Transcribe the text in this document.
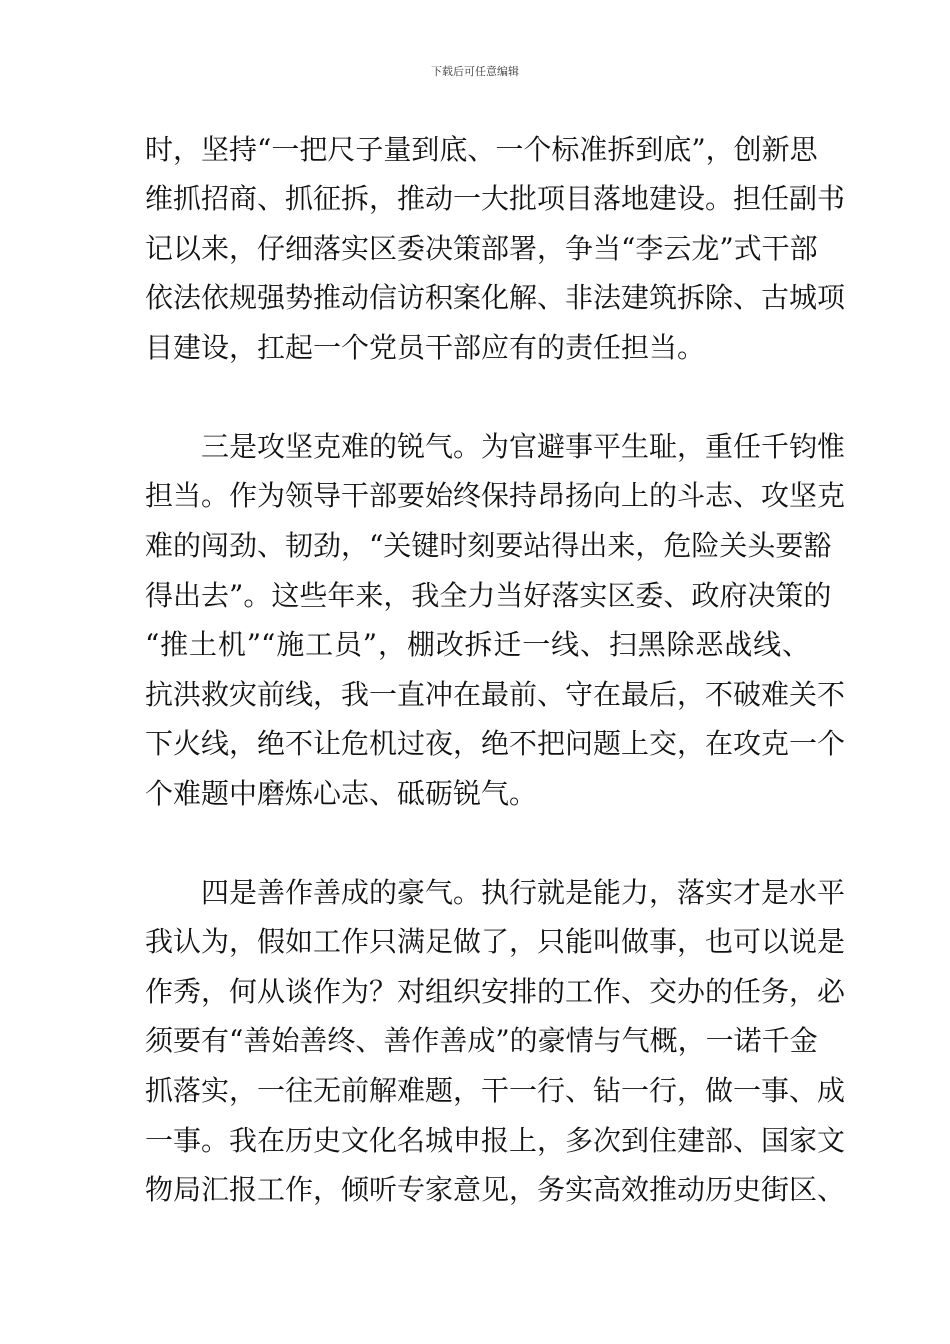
下载后可任意编辑
时，坚持“一把尺子量到底、一个标准拆到底”，创新思
维抓招商、抓征拆，推动一大批项目落地建设。担任副书
记以来，仔细落实区委决策部署，争当“李云龙”式干部
依法依规强势推动信访积案化解、非法建筑拆除、古城项
目建设，扛起一个党员干部应有的责任担当。
三是攻坚克难的锐气。为官避事平生耻，重任千钧惟
担当。作为领导干部要始终保持昂扬向上的斗志、攻坚克
难的闯劲、韧劲，“关键时刻要站得出来，危险关头要豁
得出去”。这些年来，我全力当好落实区委、政府决策的
“推土机”“施工员”，棚改拆迁一线、扫黑除恶战线、
抗洪救灾前线，我一直冲在最前、守在最后，不破难关不
下火线，绝不让危机过夜，绝不把问题上交，在攻克一个
个难题中磨炼心志、砥砺锐气。
四是善作善成的豪气。执行就是能力，落实才是水平
我认为，假如工作只满足做了，只能叫做事，也可以说是
作秀，何从谈作为？对组织安排的工作、交办的任务，必
须要有“善始善终、善作善成”的豪情与气概，一诺千金
抓落实，一往无前解难题，干一行、钻一行，做一事、成
一事。我在历史文化名城申报上，多次到住建部、国家文
物局汇报工作，倾听专家意见，务实高效推动历史街区、
